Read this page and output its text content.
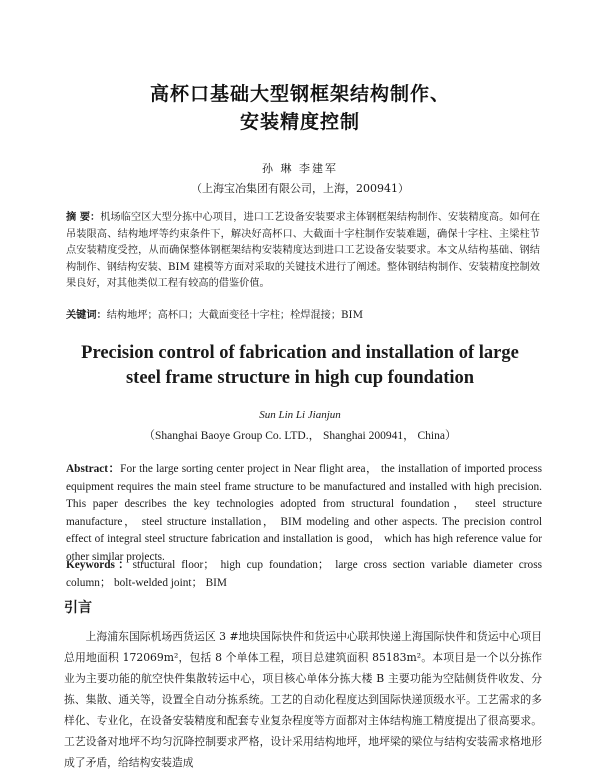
高杯口基础大型钢框架结构制作、
安装精度控制
孙 琳 李建军
（上海宝冶集团有限公司，上海，200941）
摘 要：机场临空区大型分拣中心项目，进口工艺设备安装要求主体钢框架结构制作、安装精度高。如何在吊装限高、结构地坪等约束条件下，解决好高杯口、大截面十字柱制作安装难题，确保十字柱、主梁柱节点安装精度受控，从而确保整体钢框架结构安装精度达到进口工艺设备安装要求。本文从结构基础、钢结构制作、钢结构安装、BIM 建模等方面对采取的关键技术进行了阐述。整体钢结构制作、安装精度控制效果良好，对其他类似工程有较高的借鉴价值。
关键词：结构地坪；高杯口；大截面变径十字柱；栓焊混接；BIM
Precision control of fabrication and installation of large
steel frame structure in high cup foundation
Sun Lin Li Jianjun
（Shanghai Baoye Group Co. LTD.， Shanghai 200941， China）
Abstract：For the large sorting center project in Near flight area， the installation of imported process equipment requires the main steel frame structure to be manufactured and installed with high precision. This paper describes the key technologies adopted from structural foundation， steel structure manufacture， steel structure installation， BIM modeling and other aspects. The precision control effect of integral steel structure fabrication and installation is good， which has high reference value for other similar projects.
Keywords：structural floor； high cup foundation； large cross section variable diameter cross column； bolt-welded joint； BIM
引言
上海浦东国际机场西货运区 3 #地块国际快件和货运中心联邦快递上海国际快件和货运中心项目总用地面积 172069m²，包括 8 个单体工程，项目总建筑面积 85183m²。本项目是一个以分拣作业为主要功能的航空快件集散转运中心，项目核心单体分拣大楼 B 主要功能为空陆侧货件收发、分拣、集散、通关等，设置全自动分拣系统。工艺的自动化程度达到国际快递顶级水平。工艺需求的多样化、专业化，在设备安装精度和配套专业复杂程度等方面都对主体结构施工精度提出了很高要求。工艺设备对地坪不均匀沉降控制要求严格，设计采用结构地坪，地坪梁的梁位与结构安装需求格地形成了矛盾，给结构安装造成
